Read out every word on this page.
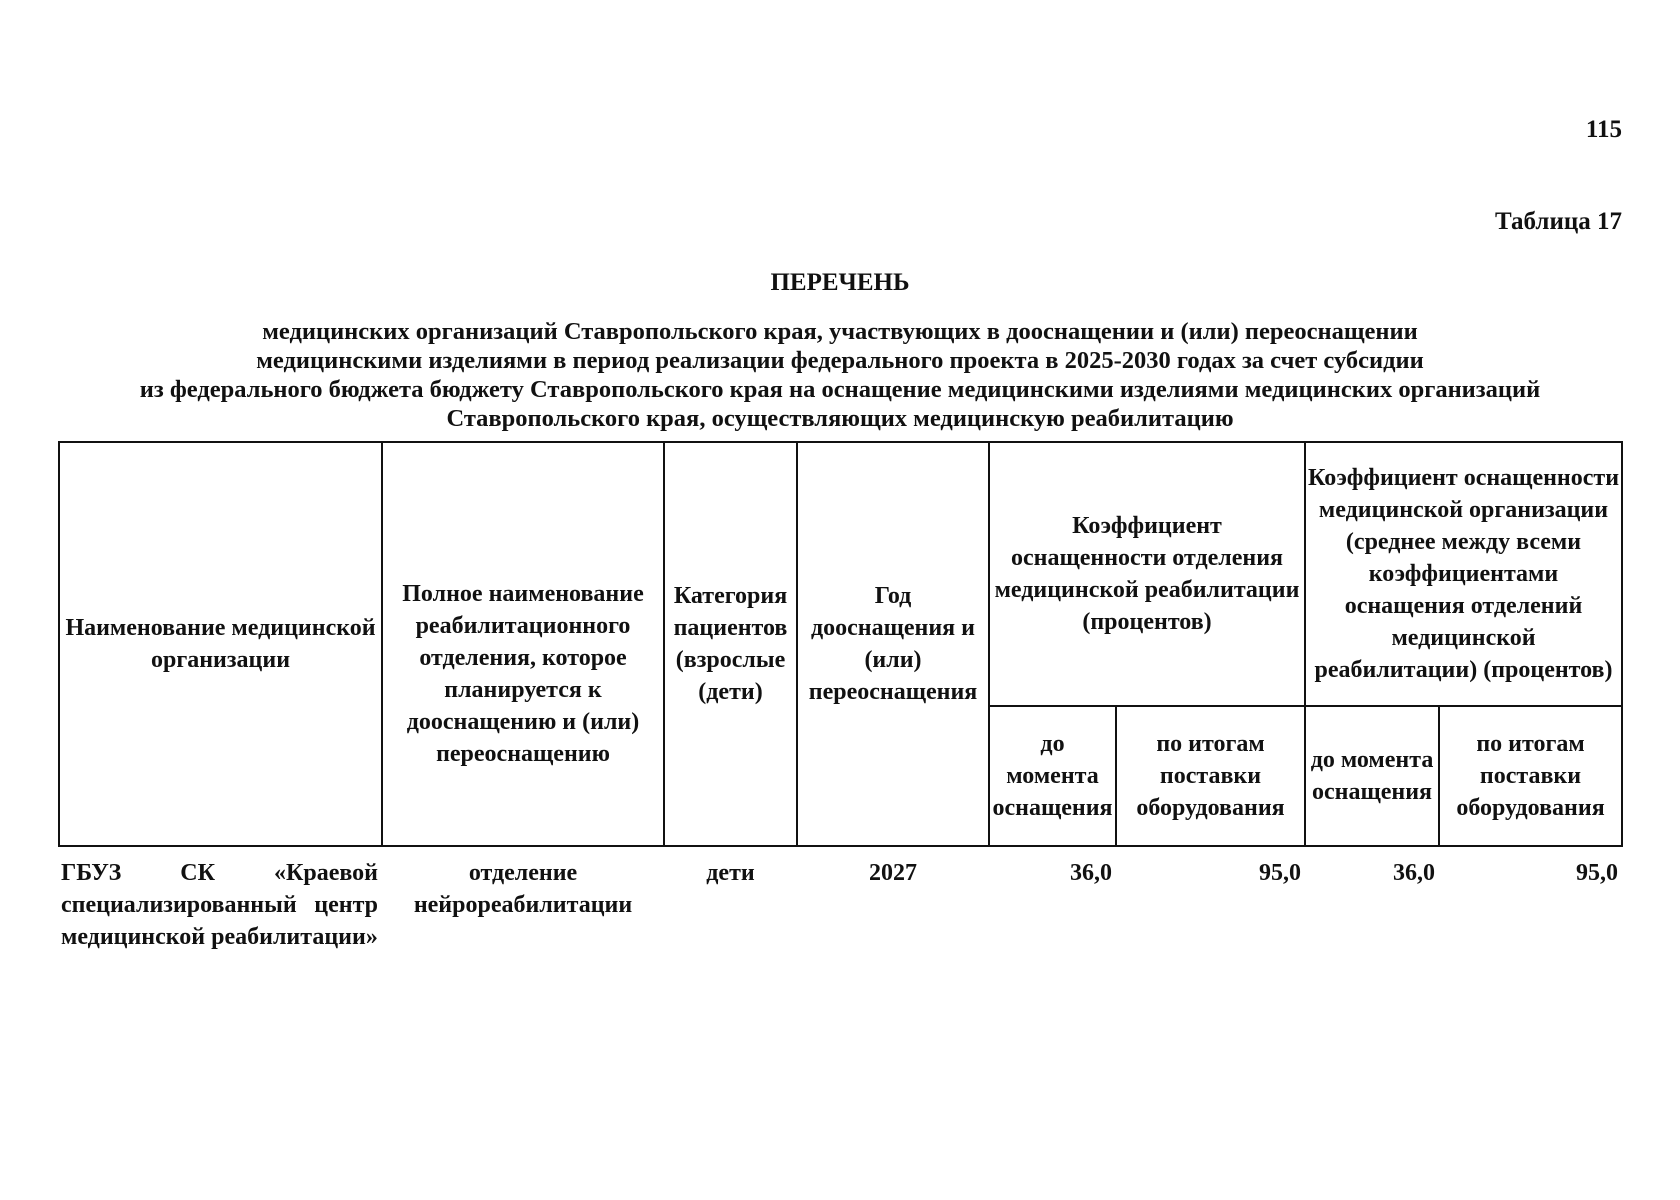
115
Таблица 17
ПЕРЕЧЕНЬ
медицинских организаций Ставропольского края, участвующих в дооснащении и (или) переоснащении
медицинскими изделиями в период реализации федерального проекта в 2025-2030 годах за счет субсидии
из федерального бюджета бюджету Ставропольского края на оснащение медицинскими изделиями медицинских организаций
Ставропольского края, осуществляющих медицинскую реабилитацию
Наименование медицинской организации	Полное наименование реабилитационного отделения, которое планируется к дооснащению и (или) переоснащению	Категория пациентов (взрослые (дети)	Год дооснащения и (или) переоснащения	Коэффициент оснащенности отделения медицинской реабилитации (процентов)		Коэффициент оснащенности медицинской организации (среднее между всеми коэффициентами оснащения отделений медицинской реабилитации) (процентов)	
				до момента оснащения	по итогам поставки оборудования	до момента оснащения	по итогам поставки оборудования
ГБУЗ СК «Краевой специализированный центр медицинской реабилитации»	отделение нейрореабилитации	дети	2027	36,0	95,0	36,0	95,0
